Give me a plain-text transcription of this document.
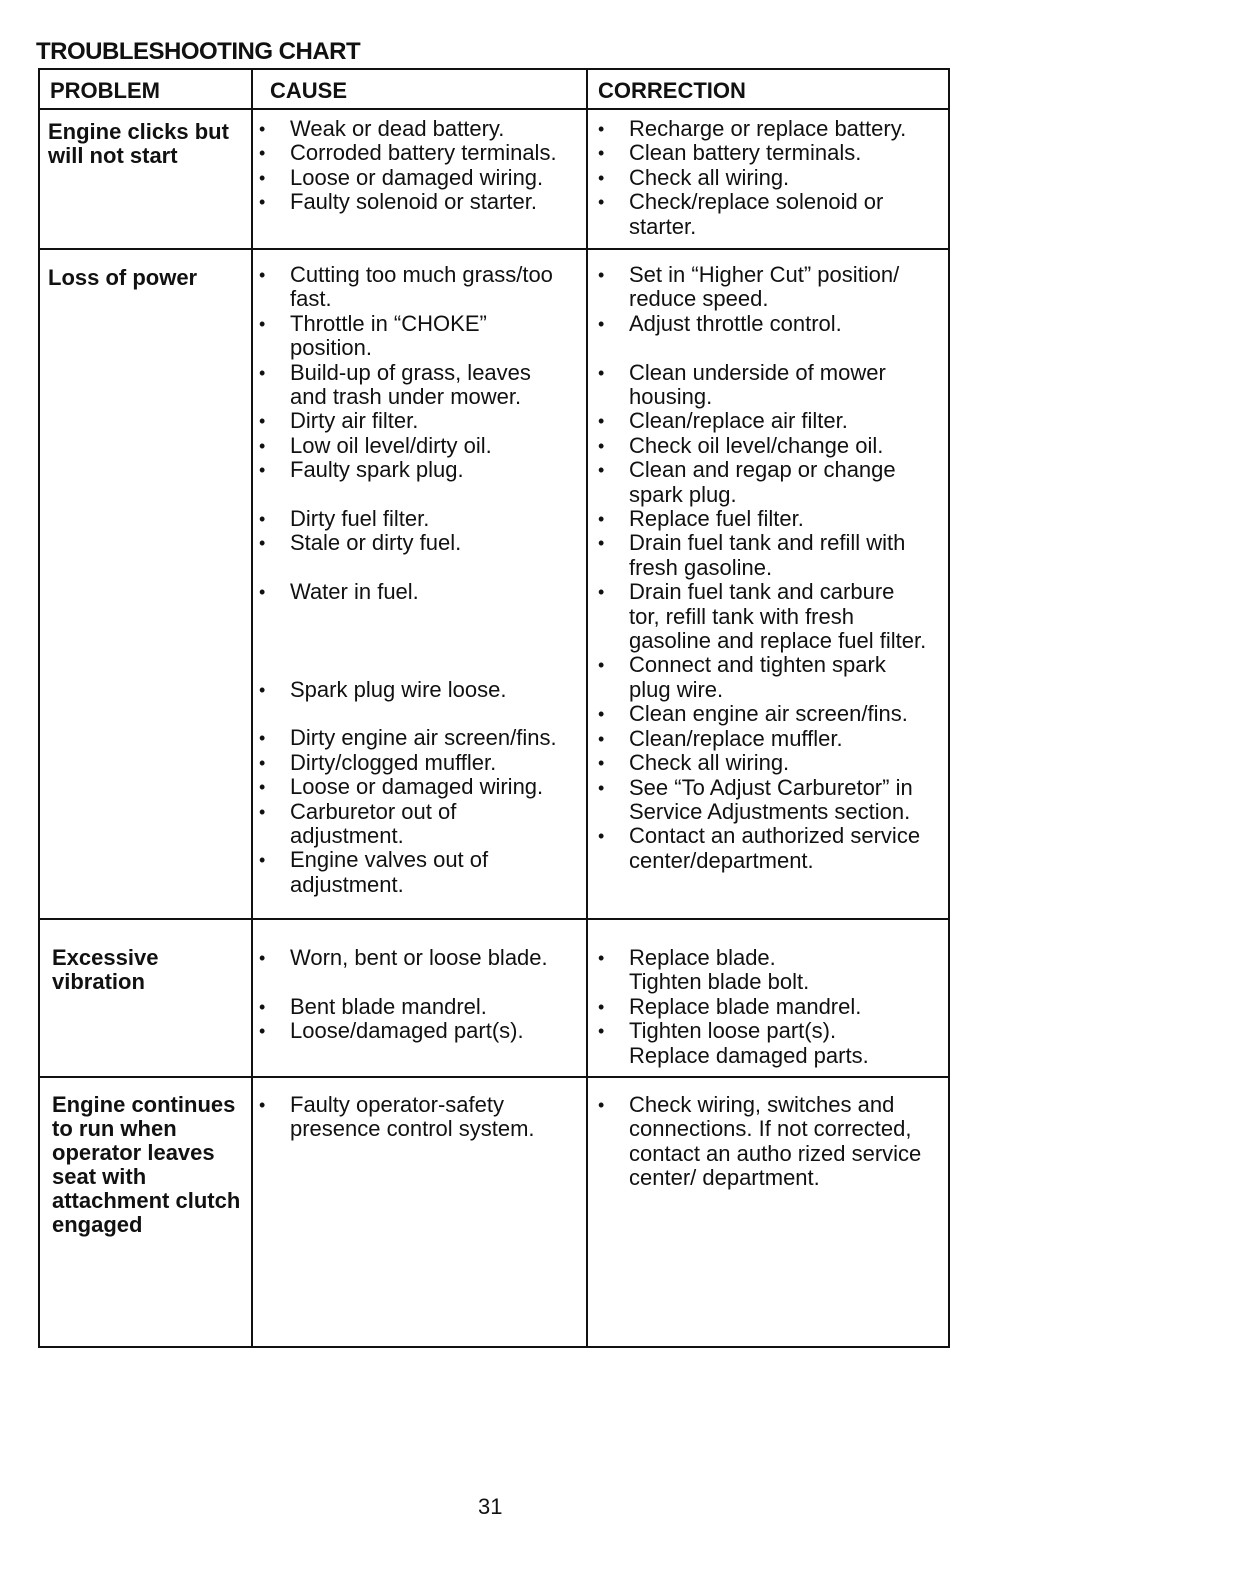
TROUBLESHOOTING CHART
PROBLEM	CAUSE	CORRECTION
Engine clicks but will not start
• Weak or dead battery.
• Corroded battery terminals.
• Loose or damaged wiring.
• Faulty solenoid or starter.
• Recharge or replace battery.
• Clean battery terminals.
• Check all wiring.
• Check/replace solenoid or starter.
Loss of power
•	Cutting too much grass/too fast.
• Throttle in “CHOKE” position.
• Build-up of grass, leaves and trash under mower.
• Dirty air filter.
• Low oil level/dirty oil.
• Faulty spark plug.
• Dirty fuel filter.
• Stale or dirty fuel.
• Water in fuel.
• Spark plug wire loose.
• Dirty engine air screen/fins.
• Dirty/clogged muffler.
• Loose or damaged wiring.
• Carburetor out of adjustment.
• Engine valves out of adjustment.
• Set in “Higher Cut” position/ reduce speed.
• Adjust throttle control.
• Clean underside of mower housing.
• Clean/replace air filter.
• Check oil level/change oil.
• Clean and regap or change spark plug.
• Replace fuel filter.
• Drain fuel tank and refill with fresh gasoline.
• Drain fuel tank and carbure tor, refill tank with fresh gasoline and replace fuel filter.
• Connect and tighten spark plug wire.
• Clean engine air screen/fins.
• Clean/replace muffler.
• Check all wiring.
• See “To Adjust Carburetor” in Service Adjustments section.
• Contact an authorized service center/department.
Excessive vibration
• Worn, bent or loose blade.
• Bent blade mandrel.
• Loose/damaged part(s).
• Replace blade.
Tighten blade bolt.
• Replace blade mandrel.
• Tighten loose part(s).
Replace damaged parts.
Engine continues to run when operator leaves seat with attachment clutch engaged
• Faulty operator-safety presence control system.
• Check wiring, switches and connections. If not corrected, contact an autho rized service center/ department.
31
